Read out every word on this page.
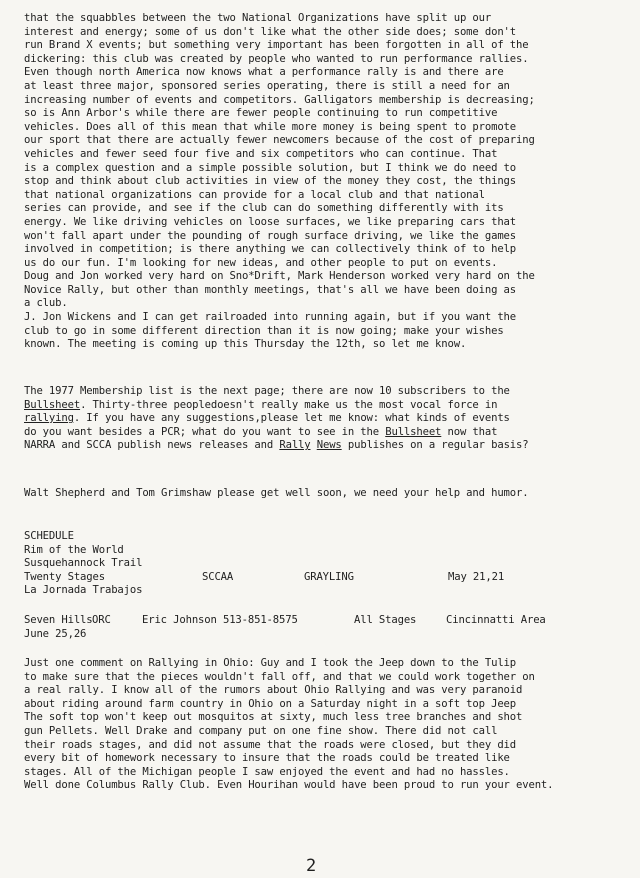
that the squabbles between the two National Organizations have split up our
interest and energy; some of us don't like what the other side does; some don't
run Brand X events; but something very important has been forgotten in all of the
dickering: this club was created by people who wanted to run performance rallies.
Even though north America now knows what a performance rally is and there are
at least three major, sponsored series operating, there is still a need for an
increasing number of events and competitors. Galligators membership is decreasing;
so is Ann Arbor's while there are fewer people continuing to run competitive
vehicles. Does all of this mean that while more money is being spent to promote
our sport that there are actually fewer newcomers because of the cost of preparing
vehicles and fewer seed four five and six competitors who can continue. That
is a complex question and a simple possible solution, but I think we do need to
stop and think about club activities in view of the money they cost, the things
that national organizations can provide for a local club and that national
series can provide, and see if the club can do something differently with its
energy. We like driving vehicles on loose surfaces, we like preparing cars that
won't fall apart under the pounding of rough surface driving, we like the games
involved in competition; is there anything we can collectively think of to help
us do our fun. I'm looking for new ideas, and other people to put on events.
Doug and Jon worked very hard on Sno*Drift, Mark Henderson worked very hard on the
Novice Rally, but other than monthly meetings, that's all we have been doing as
a club.
J. Jon Wickens and I can get railroaded into running again, but if you want the
club to go in some different direction than it is now going; make your wishes
known. The meeting is coming up this Thursday the 12th, so let me know.
The 1977 Membership list is the next page; there are now 10 subscribers to the
Bullsheet. Thirty-three peopledoesn't really make us the most vocal force in
rallying. If you have any suggestions,please let me know: what kinds of events
do you want besides a PCR; what do you want to see in the Bullsheet now that
NARRA and SCCA publish news releases and Rally News publishes on a regular basis?
Walt Shepherd and Tom Grimshaw please get well soon, we need your help and humor.
SCHEDULE
Rim of the World
Susquehannock Trail
Twenty Stages	SCCAA	GRAYLING	May 21,21
La Jornada Trabajos
Seven Hills ORC	Eric Johnson 513-851-8575	All Stages	Cincinnatti Area
June 25,26
Just one comment on Rallying in Ohio: Guy and I took the Jeep down to the Tulip
to make sure that the pieces wouldn't fall off, and that we could work together on
a real rally. I know all of the rumors about Ohio Rallying and was very paranoid
about riding around farm country in Ohio on a Saturday night in a soft top Jeep
The soft top won't keep out mosquitos at sixty, much less tree branches and shot
gun Pellets. Well Drake and company put on one fine show. There did not call
their roads stages, and did not assume that the roads were closed, but they did
every bit of homework necessary to insure that the roads could be treated like
stages. All of the Michigan people I saw enjoyed the event and had no hassles.
Well done Columbus Rally Club. Even Hourihan would have been proud to run your event.
2
